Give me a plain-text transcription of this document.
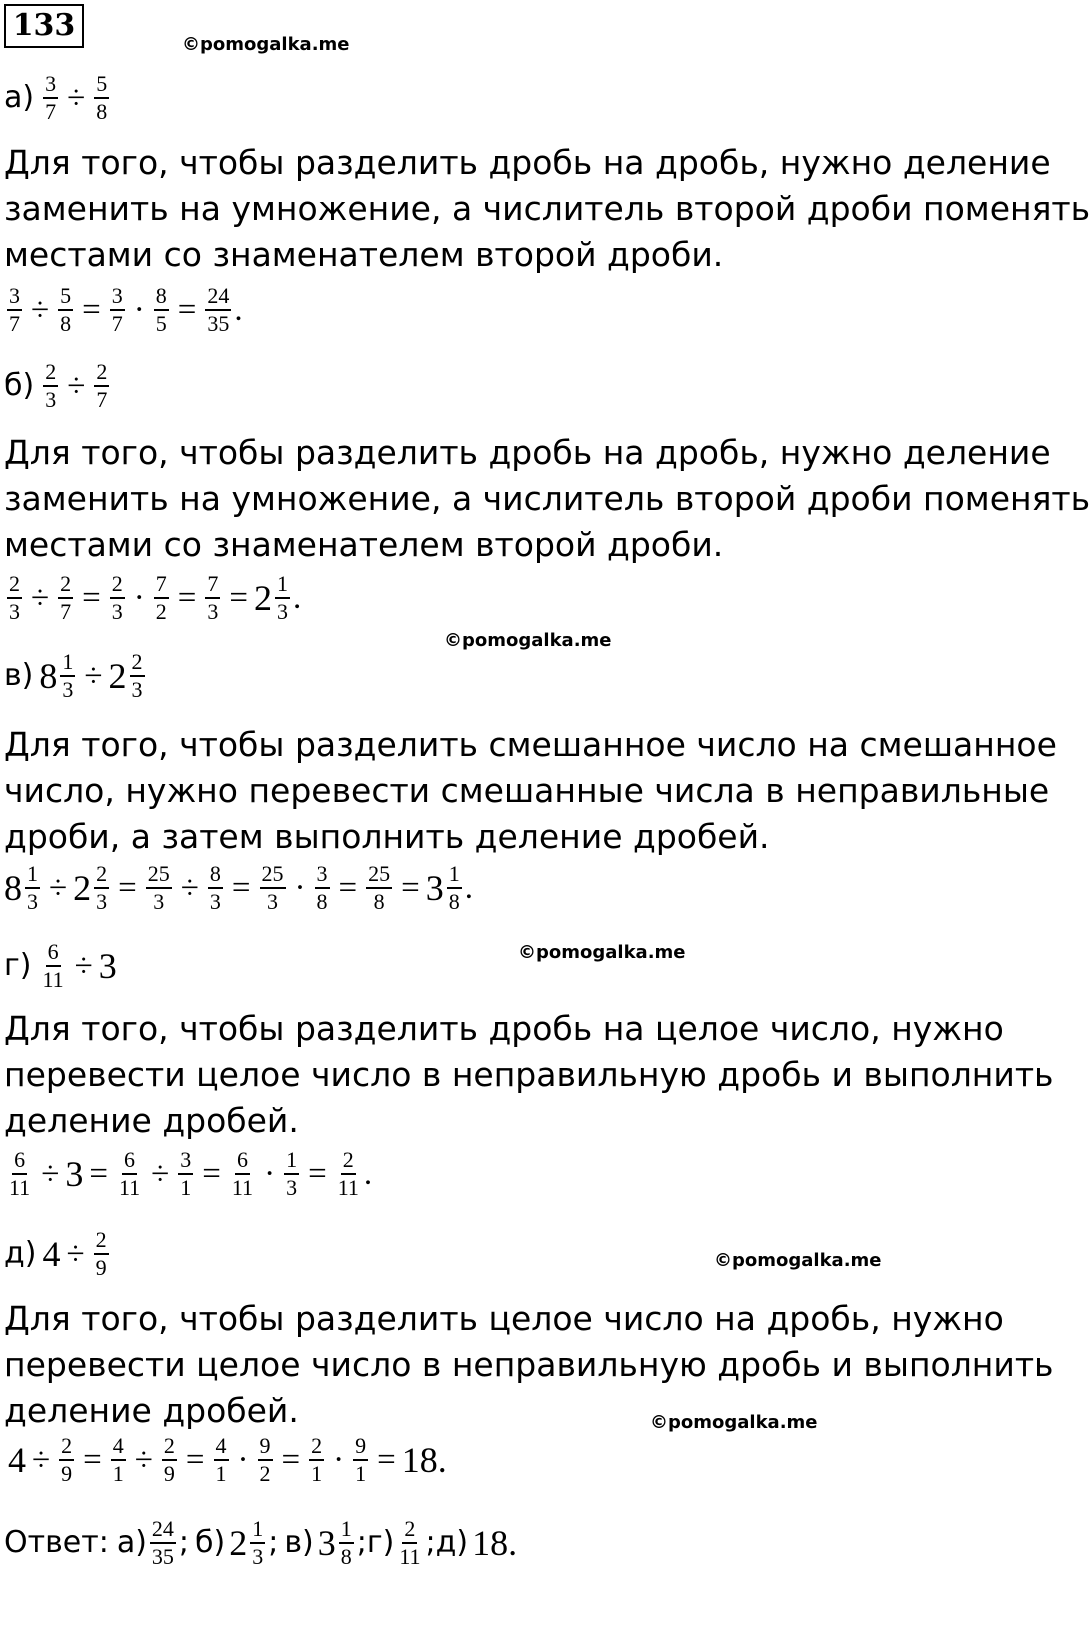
133
©pomogalka.me
$а) \frac{3}{7} \div \frac{5}{8}$
Для того, чтобы разделить дробь на дробь, нужно деление
заменить на умножение, а числитель второй дроби поменять
местами со знаменателем второй дроби.
$\frac{3}{7} \div \frac{5}{8} = \frac{3}{7} \cdot \frac{8}{5} = \frac{24}{35}$ .
$б) \frac{2}{3} \div \frac{2}{7}$
Для того, чтобы разделить дробь на дробь, нужно деление
заменить на умножение, а числитель второй дроби поменять
местами со знаменателем второй дроби.
$\frac{2}{3} \div \frac{2}{7} = \frac{2}{3} \cdot \frac{7}{2} = \frac{7}{3} = 2 \frac{1}{3}$ .
©pomogalka.me
в) $8 \frac{1}{3} \div 2 \frac{2}{3}$
Для того, чтобы разделить смешанное число на смешанное
число, нужно перевести смешанные числа в неправильные
дроби, а затем выполнить деление дробей.
$8 \frac{1}{3} \div 2 \frac{2}{3} = \frac{25}{3} \div \frac{8}{3} = \frac{25}{3} \cdot \frac{3}{8} = \frac{25}{8} = 3 \frac{1}{8}$ .
©pomogalka.me
$г) \frac{6}{11} \div 3$
Для того, чтобы разделить дробь на целое число, нужно
перевести целое число в неправильную дробь и выполнить
деление дробей.
$\frac{6}{11} \div 3 = \frac{6}{11} \div \frac{3}{1} = \frac{6}{11} \cdot \frac{1}{3} = \frac{2}{11}$ .
д) $4 \div \frac{2}{9}$	©pomogalka.me
Для того, чтобы разделить целое число на дробь, нужно
перевести целое число в неправильную дробь и выполнить
деление дробей.	©pomogalka.me
$4 \div \frac{2}{9} = \frac{4}{1} \div \frac{2}{9} = \frac{4}{1} \cdot \frac{9}{2} = \frac{2}{1} \cdot \frac{9}{1} = 18$ .
Ответ: $а) \frac{24}{35}$ ; б) $2 \frac{1}{3}$ ; в) $3 \frac{1}{8}$ ; $г) \frac{2}{11}$ ; д) 18.
